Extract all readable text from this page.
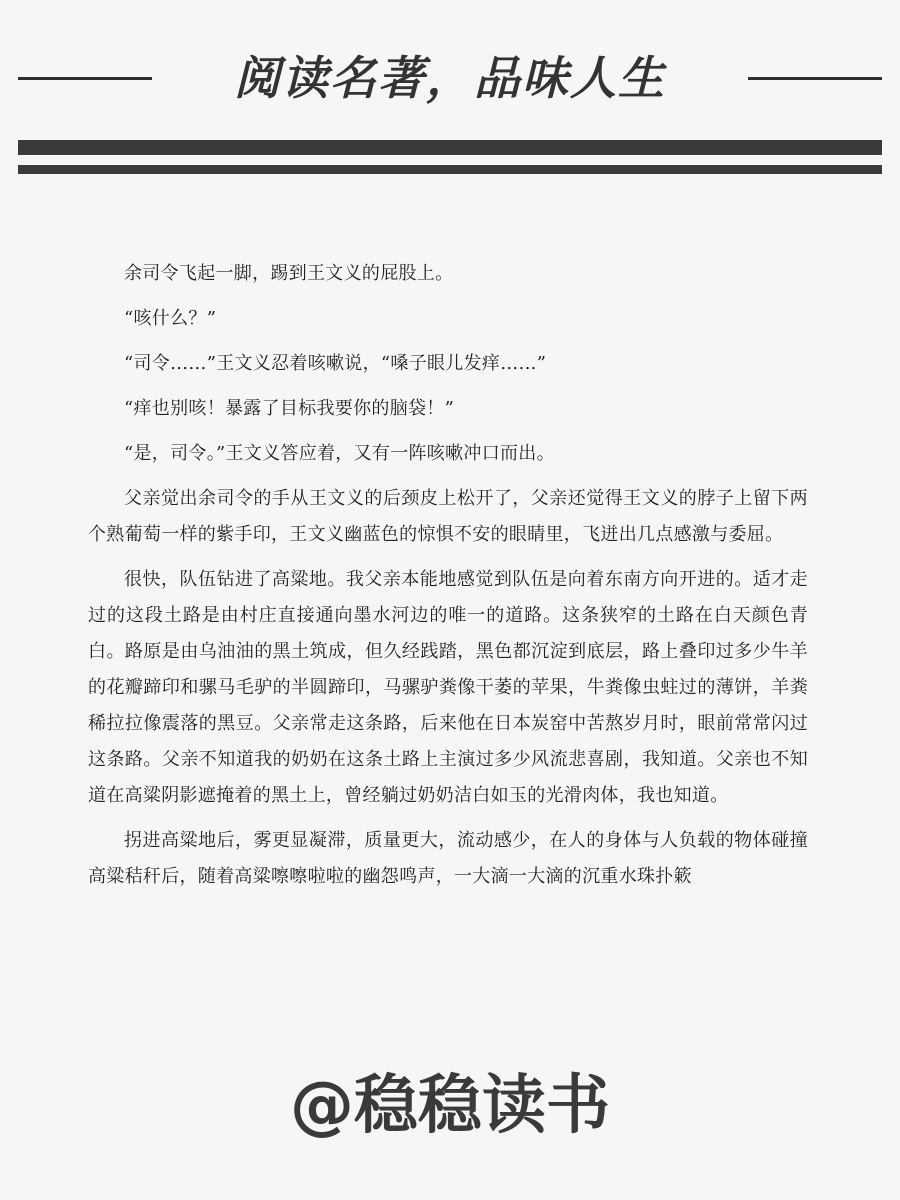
阅读名著，品味人生

余司令飞起一脚，踢到王文义的屁股上。

“咳什么？”

“司令……”王文义忍着咳嗽说，“嗓子眼儿发痒……”

“痒也别咳！暴露了目标我要你的脑袋！”

“是，司令。”王文义答应着，又有一阵咳嗽冲口而出。

父亲觉出余司令的手从王文义的后颈皮上松开了，父亲还觉得王文义的脖子上留下两个熟葡萄一样的紫手印，王文义幽蓝色的惊惧不安的眼睛里，飞迸出几点感激与委屈。

很快，队伍钻进了高粱地。我父亲本能地感觉到队伍是向着东南方向开进的。适才走过的这段土路是由村庄直接通向墨水河边的唯一的道路。这条狭窄的土路在白天颜色青白。路原是由乌油油的黑土筑成，但久经践踏，黑色都沉淀到底层，路上叠印过多少牛羊的花瓣蹄印和骡马毛驴的半圆蹄印，马骡驴粪像干萎的苹果，牛粪像虫蛀过的薄饼，羊粪稀拉拉像震落的黑豆。父亲常走这条路，后来他在日本炭窑中苦熬岁月时，眼前常常闪过这条路。父亲不知道我的奶奶在这条土路上主演过多少风流悲喜剧，我知道。父亲也不知道在高粱阴影遮掩着的黑土上，曾经躺过奶奶洁白如玉的光滑肉体，我也知道。

拐进高粱地后，雾更显凝滞，质量更大，流动感少，在人的身体与人负载的物体碰撞高粱秸秆后，随着高粱嚓嚓啦啦的幽怨鸣声，一大滴一大滴的沉重水珠扑簌

@稳稳读书
